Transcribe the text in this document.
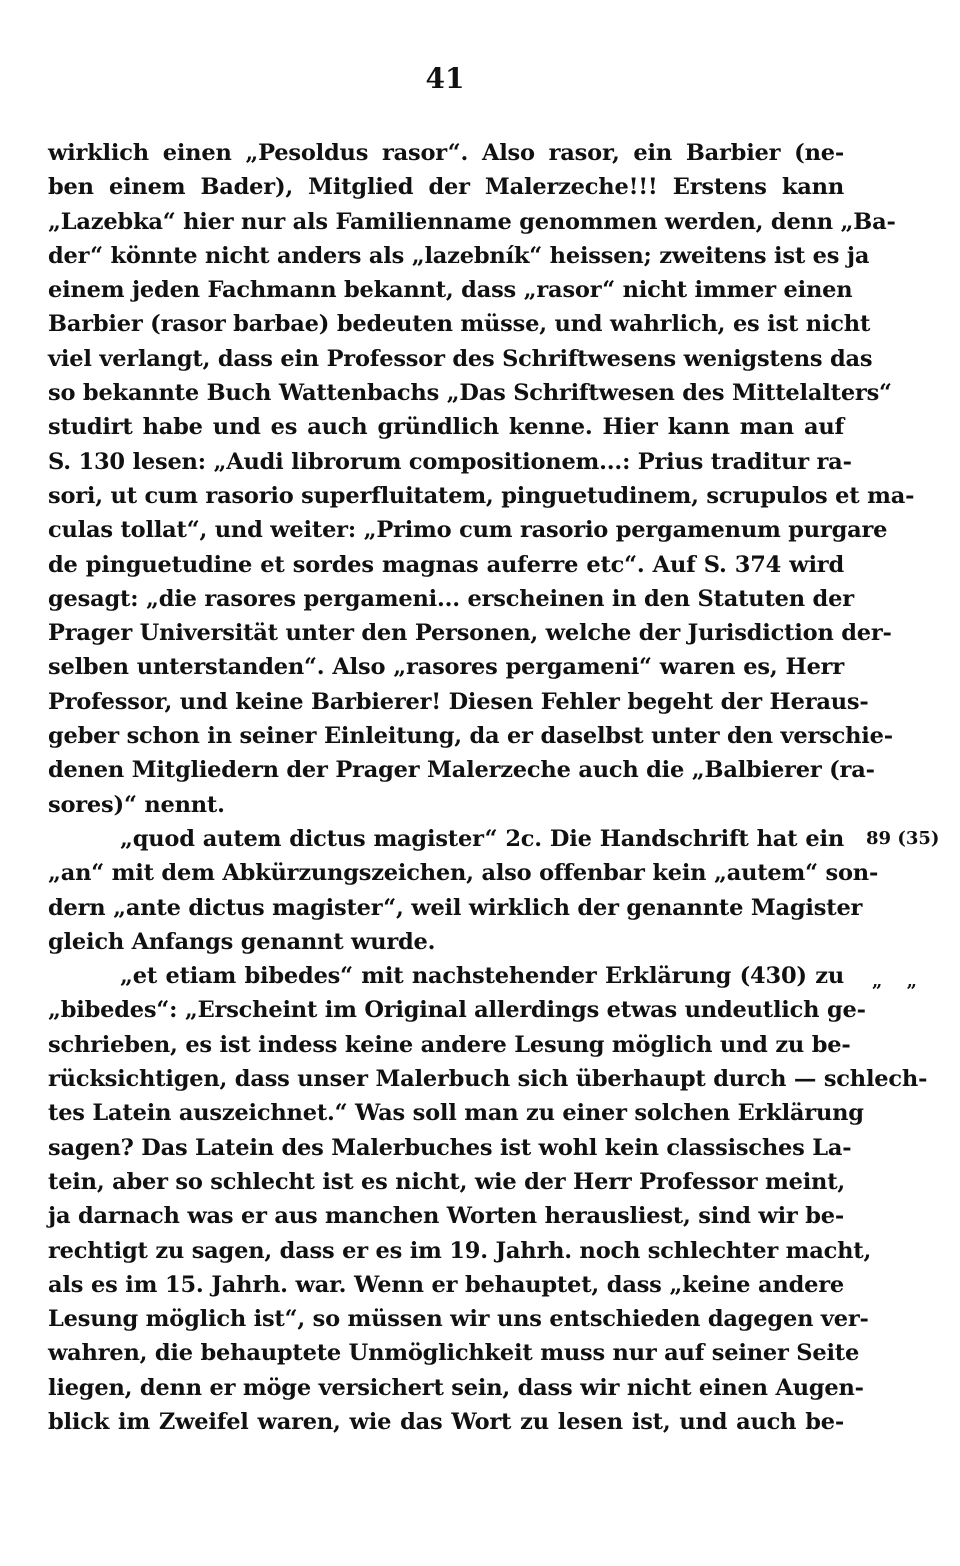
41
wirklich einen „Pesoldus rasor“. Also rasor, ein Barbier (ne-
ben einem Bader), Mitglied der Malerzeche!!! Erstens kann
„Lazebka“ hier nur als Familienname genommen werden, denn „Ba-
der“ könnte nicht anders als „lazebník“ heissen; zweitens ist es ja
einem jeden Fachmann bekannt, dass „rasor“ nicht immer einen
Barbier (rasor barbae) bedeuten müsse, und wahrlich, es ist nicht
viel verlangt, dass ein Professor des Schriftwesens wenigstens das
so bekannte Buch Wattenbachs „Das Schriftwesen des Mittelalters“
studirt habe und es auch gründlich kenne. Hier kann man auf
S. 130 lesen: „Audi librorum compositionem...: Prius traditur ra-
sori, ut cum rasorio superfluitatem, pinguetudinem, scrupulos et ma-
culas tollat“, und weiter: „Primo cum rasorio pergamenum purgare
de pinguetudine et sordes magnas auferre etc“. Auf S. 374 wird
gesagt: „die rasores pergameni... erscheinen in den Statuten der
Prager Universität unter den Personen, welche der Jurisdiction der-
selben unterstanden“. Also „rasores pergameni“ waren es, Herr
Professor, und keine Barbierer! Diesen Fehler begeht der Heraus-
geber schon in seiner Einleitung, da er daselbst unter den verschie-
denen Mitgliedern der Prager Malerzeche auch die „Balbierer (ra-
sores)“ nennt.
„quod autem dictus magister“ 2c. Die Handschrift hat ein
„an“ mit dem Abkürzungszeichen, also offenbar kein „autem“ son-
dern „ante dictus magister“, weil wirklich der genannte Magister
gleich Anfangs genannt wurde.
„et etiam bibedes“ mit nachstehender Erklärung (430) zu
„bibedes“: „Erscheint im Original allerdings etwas undeutlich ge-
schrieben, es ist indess keine andere Lesung möglich und zu be-
rücksichtigen, dass unser Malerbuch sich überhaupt durch — schlech-
tes Latein auszeichnet.“ Was soll man zu einer solchen Erklärung
sagen? Das Latein des Malerbuches ist wohl kein classisches La-
tein, aber so schlecht ist es nicht, wie der Herr Professor meint,
ja darnach was er aus manchen Worten herausliest, sind wir be-
rechtigt zu sagen, dass er es im 19. Jahrh. noch schlechter macht,
als es im 15. Jahrh. war. Wenn er behauptet, dass „keine andere
Lesung möglich ist“, so müssen wir uns entschieden dagegen ver-
wahren, die behauptete Unmöglichkeit muss nur auf seiner Seite
liegen, denn er möge versichert sein, dass wir nicht einen Augen-
blick im Zweifel waren, wie das Wort zu lesen ist, und auch be-
89 (35)
„ „
